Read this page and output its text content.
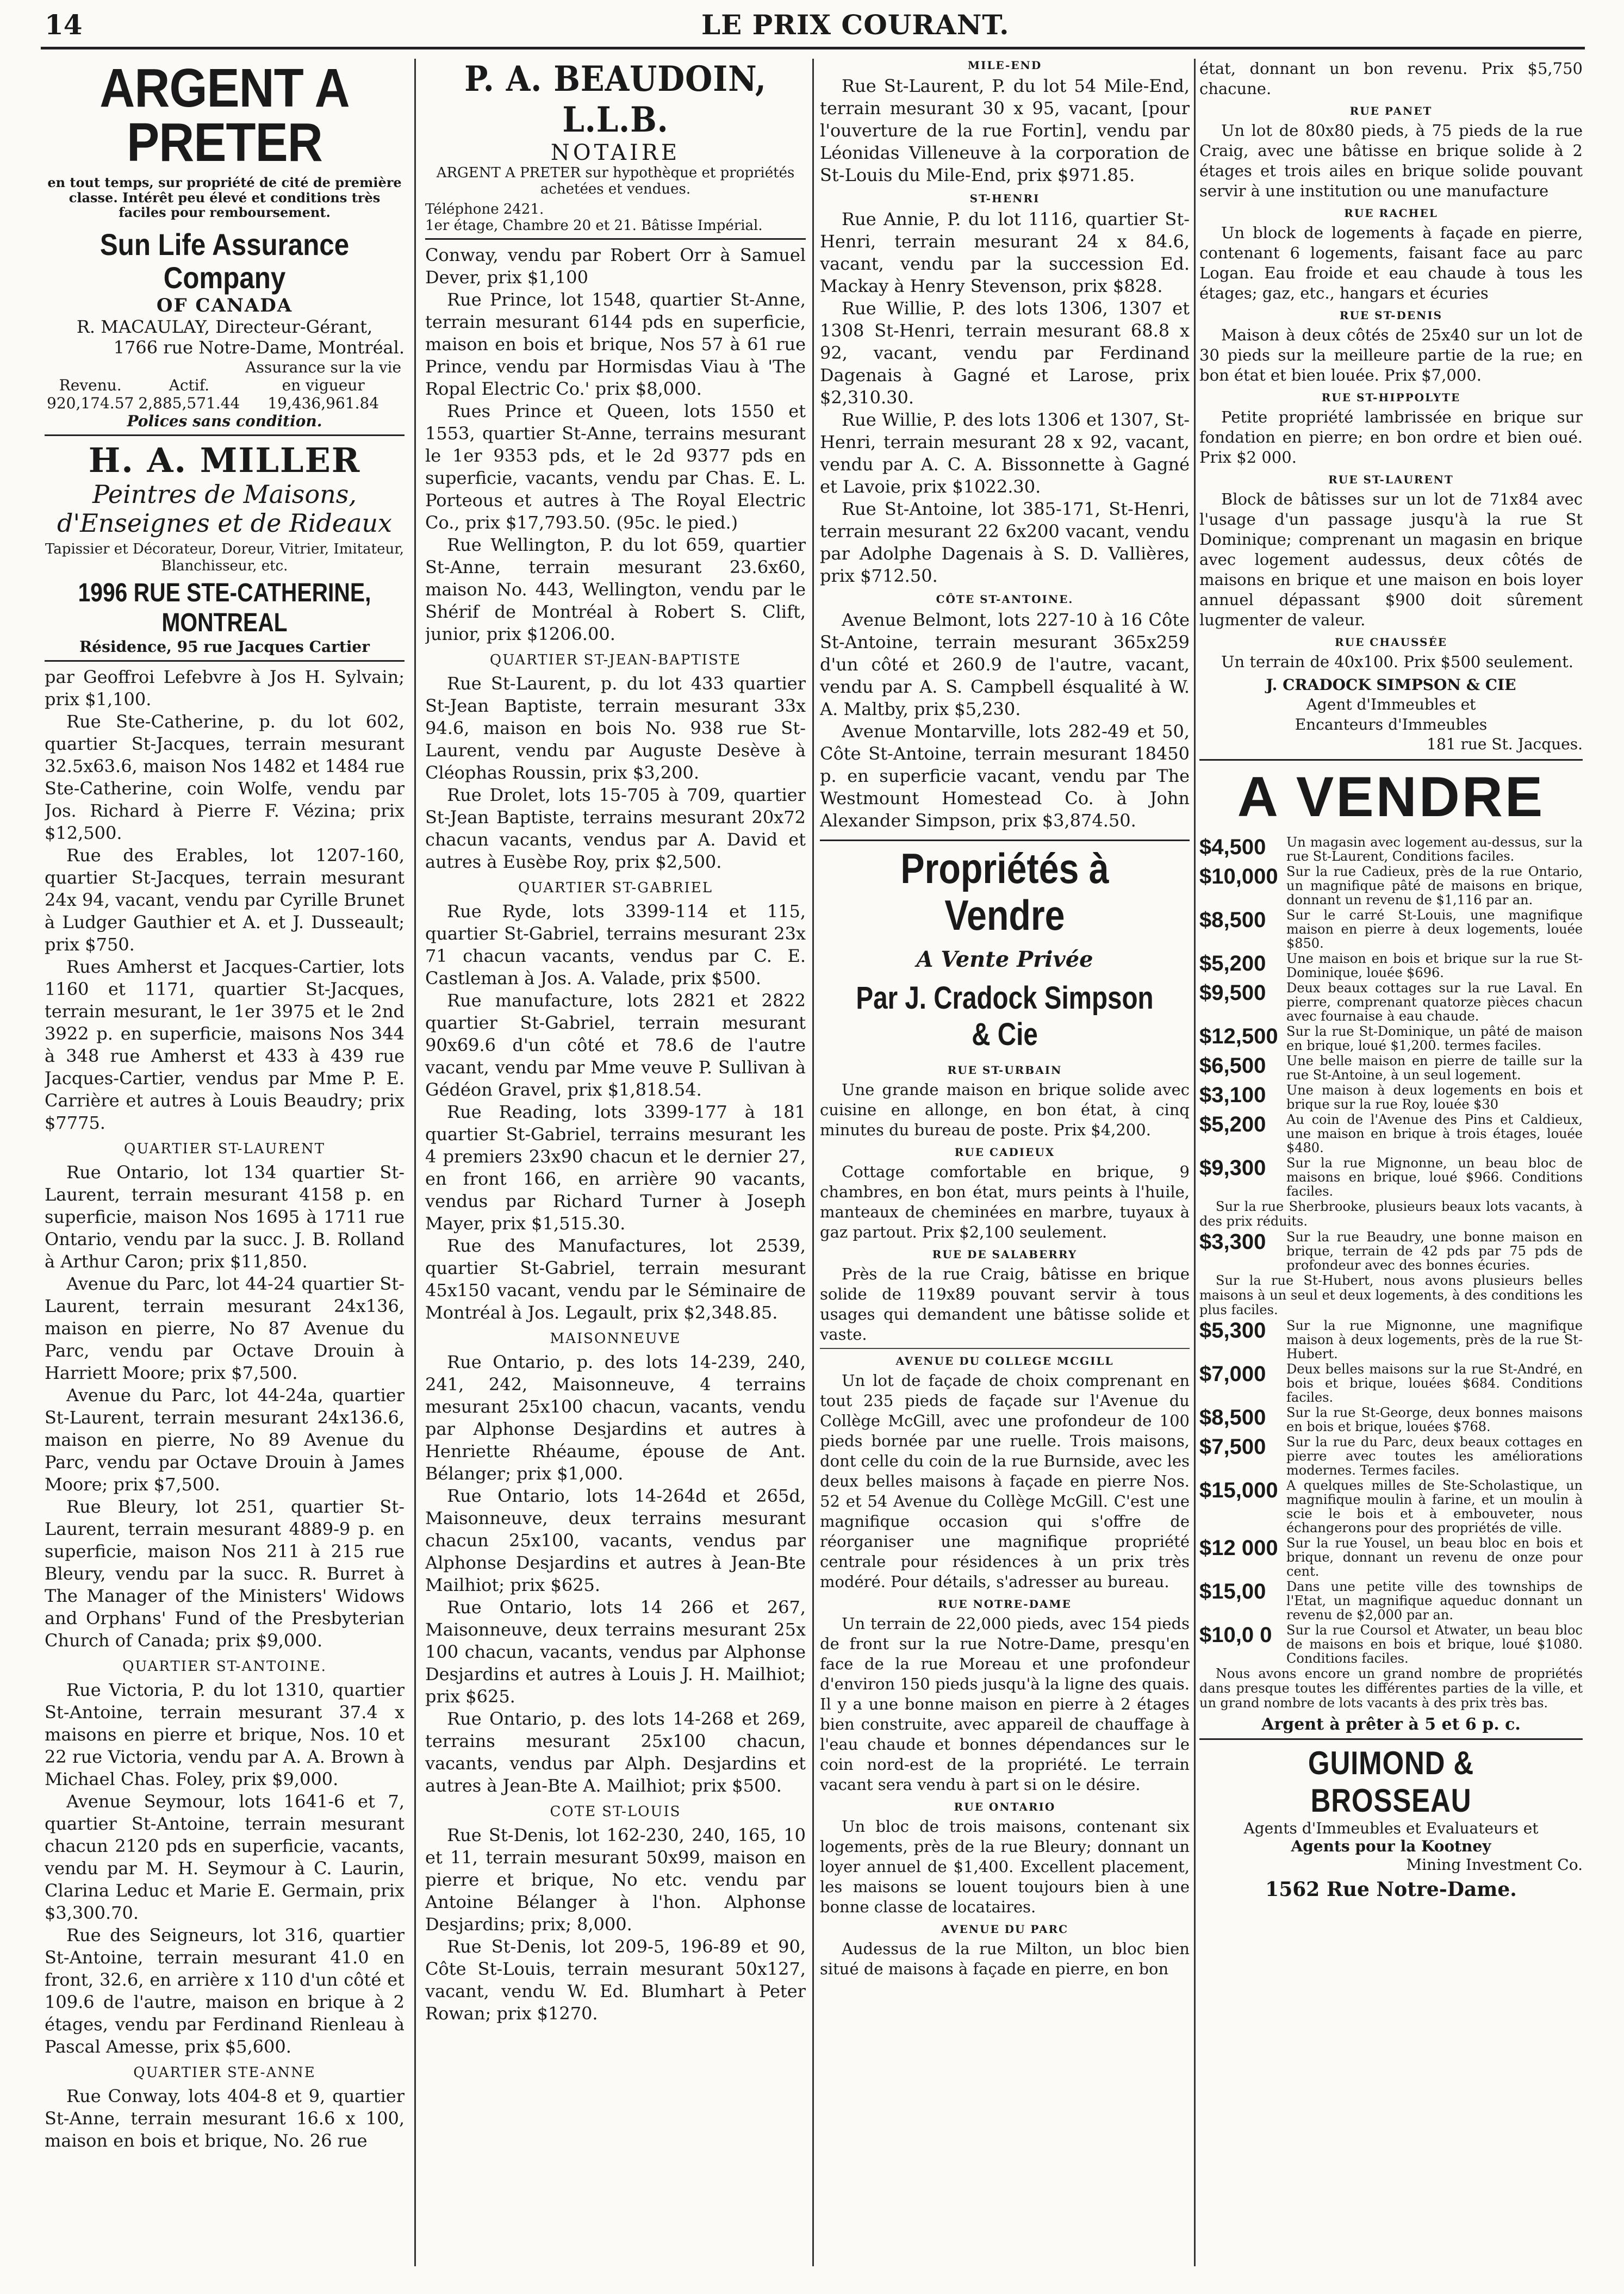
14	LE PRIX COURANT.
ARGENT A PRETER
en tout temps, sur propriété de cité de première classe. Intérêt peu élevé et conditions très faciles pour remboursement.
Sun Life Assurance Company
OF CANADA
R. MACAULAY, Directeur-Gérant,
1766 rue Notre-Dame, Montréal.
Revenu.	Actif.	Assurance sur la vie en vigueur
920,174.57	2,885,571.44	19,436,961.84
Polices sans condition.
H. A. MILLER
Peintres de Maisons, d'Enseignes et de Rideaux
Tapissier et Décorateur, Doreur, Vitrier, Imitateur, Blanchisseur, etc.
1996 RUE STE-CATHERINE, MONTREAL
Résidence, 95 rue Jacques Cartier

par Geoffroi Lefebvre à Jos H. Sylvain; prix $1,100.

Rue Ste-Catherine, p. du lot 602, quartier St-Jacques, terrain mesurant 32.5x63.6, maison Nos 1482 et 1484 rue Ste-Catherine, coin Wolfe, vendu par Jos. Richard à Pierre F. Vézina; prix $12,500.

Rue des Erables, lot 1207-160, quartier St-Jacques, terrain mesurant 24x 94, vacant, vendu par Cyrille Brunet à Ludger Gauthier et A. et J. Dusseault; prix $750.

Rues Amherst et Jacques-Cartier, lots 1160 et 1171, quartier St-Jacques, terrain mesurant, le 1er 3975 et le 2nd 3922 p. en superficie, maisons Nos 344 à 348 rue Amherst et 433 à 439 rue Jacques-Cartier, vendus par Mme P. E. Carrière et autres à Louis Beaudry; prix $7775.

QUARTIER ST-LAURENT

Rue Ontario, lot 134 quartier St-Laurent, terrain mesurant 4158 p. en superficie, maison Nos 1695 à 1711 rue Ontario, vendu par la succ. J. B. Rolland à Arthur Caron; prix $11,850.

Avenue du Parc, lot 44-24 quartier St-Laurent, terrain mesurant 24x136, maison en pierre, No 87 Avenue du Parc, vendu par Octave Drouin à Harriett Moore; prix $7,500.

Avenue du Parc, lot 44-24a, quartier St-Laurent, terrain mesurant 24x136.6, maison en pierre, No 89 Avenue du Parc, vendu par Octave Drouin à James Moore; prix $7,500.

Rue Bleury, lot 251, quartier St-Laurent, terrain mesurant 4889-9 p. en superficie, maison Nos 211 à 215 rue Bleury, vendu par la succ. R. Burret à The Manager of the Ministers' Widows and Orphans' Fund of the Presbyterian Church of Canada; prix $9,000.

QUARTIER ST-ANTOINE.

Rue Victoria, P. du lot 1310, quartier St-Antoine, terrain mesurant 37.4 x maisons en pierre et brique, Nos. 10 et 22 rue Victoria, vendu par A. A. Brown à Michael Chas. Foley, prix $9,000.

Avenue Seymour, lots 1641-6 et 7, quartier St-Antoine, terrain mesurant chacun 2120 pds en superficie, vacants, vendu par M. H. Seymour à C. Laurin, Clarina Leduc et Marie E. Germain, prix $3,300.70.

Rue des Seigneurs, lot 316, quartier St-Antoine, terrain mesurant 41.0 en front, 32.6, en arrière x 110 d'un côté et 109.6 de l'autre, maison en brique à 2 étages, vendu par Ferdinand Rienleau à Pascal Amesse, prix $5,600.

QUARTIER STE-ANNE

Rue Conway, lots 404-8 et 9, quartier St-Anne, terrain mesurant 16.6 x 100, maison en bois et brique, No. 26 rue

P. A. BEAUDOIN, L.L.B.
NOTAIRE
ARGENT A PRETER sur hypothèque et propriétés achetées et vendues.
Téléphone 2421.
1er étage, Chambre 20 et 21. Bâtisse Impérial.

Conway, vendu par Robert Orr à Samuel Dever, prix $1,100

Rue Prince, lot 1548, quartier St-Anne, terrain mesurant 6144 pds en superficie, maison en bois et brique, Nos 57 à 61 rue Prince, vendu par Hormisdas Viau à 'The Ropal Electric Co.' prix $8,000.

Rues Prince et Queen, lots 1550 et 1553, quartier St-Anne, terrains mesurant le 1er 9353 pds, et le 2d 9377 pds en superficie, vacants, vendu par Chas. E. L. Porteous et autres à The Royal Electric Co., prix $17,793.50. (95c. le pied.)

Rue Wellington, P. du lot 659, quartier St-Anne, terrain mesurant 23.6x60, maison No. 443, Wellington, vendu par le Shérif de Montréal à Robert S. Clift, junior, prix $1206.00.

QUARTIER ST-JEAN-BAPTISTE

Rue St-Laurent, p. du lot 433 quartier St-Jean Baptiste, terrain mesurant 33x 94.6, maison en bois No. 938 rue St-Laurent, vendu par Auguste Desève à Cléophas Roussin, prix $3,200.

Rue Drolet, lots 15-705 à 709, quartier St-Jean Baptiste, terrains mesurant 20x72 chacun vacants, vendus par A. David et autres à Eusèbe Roy, prix $2,500.

QUARTIER ST-GABRIEL

Rue Ryde, lots 3399-114 et 115, quartier St-Gabriel, terrains mesurant 23x 71 chacun vacants, vendus par C. E. Castleman à Jos. A. Valade, prix $500.

Rue manufacture, lots 2821 et 2822 quartier St-Gabriel, terrain mesurant 90x69.6 d'un côté et 78.6 de l'autre vacant, vendu par Mme veuve P. Sullivan à Gédéon Gravel, prix $1,818.54.

Rue Reading, lots 3399-177 à 181 quartier St-Gabriel, terrains mesurant les 4 premiers 23x90 chacun et le dernier 27, en front 166, en arrière 90 vacants, vendus par Richard Turner à Joseph Mayer, prix $1,515.30.

Rue des Manufactures, lot 2539, quartier St-Gabriel, terrain mesurant 45x150 vacant, vendu par le Séminaire de Montréal à Jos. Legault, prix $2,348.85.

MAISONNEUVE

Rue Ontario, p. des lots 14-239, 240, 241, 242, Maisonneuve, 4 terrains mesurant 25x100 chacun, vacants, vendu par Alphonse Desjardins et autres à Henriette Rhéaume, épouse de Ant. Bélanger; prix $1,000.

Rue Ontario, lots 14-264d et 265d, Maisonneuve, deux terrains mesurant chacun 25x100, vacants, vendus par Alphonse Desjardins et autres à Jean-Bte Mailhiot; prix $625.

Rue Ontario, lots 14 266 et 267, Maisonneuve, deux terrains mesurant 25x 100 chacun, vacants, vendus par Alphonse Desjardins et autres à Louis J. H. Mailhiot; prix $625.

Rue Ontario, p. des lots 14-268 et 269, terrains mesurant 25x100 chacun, vacants, vendus par Alph. Desjardins et autres à Jean-Bte A. Mailhiot; prix $500.

COTE ST-LOUIS

Rue St-Denis, lot 162-230, 240, 165, 10 et 11, terrain mesurant 50x99, maison en pierre et brique, No etc. vendu par Antoine Bélanger à l'hon. Alphonse Desjardins; prix; 8,000.

Rue St-Denis, lot 209-5, 196-89 et 90, Côte St-Louis, terrain mesurant 50x127, vacant, vendu W. Ed. Blumhart à Peter Rowan; prix $1270.

MILE-END

Rue St-Laurent, P. du lot 54 Mile-End, terrain mesurant 30 x 95, vacant, [pour l'ouverture de la rue Fortin], vendu par Léonidas Villeneuve à la corporation de St-Louis du Mile-End, prix $971.85.

ST-HENRI

Rue Annie, P. du lot 1116, quartier St-Henri, terrain mesurant 24 x 84.6, vacant, vendu par la succession Ed. Mackay à Henry Stevenson, prix $828.

Rue Willie, P. des lots 1306, 1307 et 1308 St-Henri, terrain mesurant 68.8 x 92, vacant, vendu par Ferdinand Dagenais à Gagné et Larose, prix $2,310.30.

Rue Willie, P. des lots 1306 et 1307, St-Henri, terrain mesurant 28 x 92, vacant, vendu par A. C. A. Bissonnette à Gagné et Lavoie, prix $1022.30.

Rue St-Antoine, lot 385-171, St-Henri, terrain mesurant 22 6x200 vacant, vendu par Adolphe Dagenais à S. D. Vallières, prix $712.50.

CÔTE ST-ANTOINE.

Avenue Belmont, lots 227-10 à 16 Côte St-Antoine, terrain mesurant 365x259 d'un côté et 260.9 de l'autre, vacant, vendu par A. S. Campbell ésqualité à W. A. Maltby, prix $5,230.

Avenue Montarville, lots 282-49 et 50, Côte St-Antoine, terrain mesurant 18450 p. en superficie vacant, vendu par The Westmount Homestead Co. à John Alexander Simpson, prix $3,874.50.

Propriétés à Vendre
A Vente Privée
Par J. Cradock Simpson & Cie
RUE ST-URBAIN

Une grande maison en brique solide avec cuisine en allonge, en bon état, à cinq minutes du bureau de poste. Prix $4,200.

RUE CADIEUX

Cottage comfortable en brique, 9 chambres, en bon état, murs peints à l'huile, manteaux de cheminées en marbre, tuyaux à gaz partout. Prix $2,100 seulement.

RUE DE SALABERRY

Près de la rue Craig, bâtisse en brique solide de 119x89 pouvant servir à tous usages qui demandent une bâtisse solide et vaste.

AVENUE DU COLLEGE MCGILL

Un lot de façade de choix comprenant en tout 235 pieds de façade sur l'Avenue du Collège McGill, avec une profondeur de 100 pieds bornée par une ruelle. Trois maisons, dont celle du coin de la rue Burnside, avec les deux belles maisons à façade en pierre Nos. 52 et 54 Avenue du Collège McGill. C'est une magnifique occasion qui s'offre de réorganiser une magnifique propriété centrale pour résidences à un prix très modéré. Pour détails, s'adresser au bureau.

RUE NOTRE-DAME

Un terrain de 22,000 pieds, avec 154 pieds de front sur la rue Notre-Dame, presqu'en face de la rue Moreau et une profondeur d'environ 150 pieds jusqu'à la ligne des quais. Il y a une bonne maison en pierre à 2 étages bien construite, avec appareil de chauffage à l'eau chaude et bonnes dépendances sur le coin nord-est de la propriété. Le terrain vacant sera vendu à part si on le désire.

RUE ONTARIO

Un bloc de trois maisons, contenant six logements, près de la rue Bleury; donnant un loyer annuel de $1,400. Excellent placement, les maisons se louent toujours bien à une bonne classe de locataires.

AVENUE DU PARC

Audessus de la rue Milton, un bloc bien situé de maisons à façade en pierre, en bon

état, donnant un bon revenu. Prix $5,750 chacune.

RUE PANET

Un lot de 80x80 pieds, à 75 pieds de la rue Craig, avec une bâtisse en brique solide à 2 étages et trois ailes en brique solide pouvant servir à une institution ou une manufacture

RUE RACHEL

Un block de logements à façade en pierre, contenant 6 logements, faisant face au parc Logan. Eau froide et eau chaude à tous les étages; gaz, etc., hangars et écuries

RUE ST-DENIS

Maison à deux côtés de 25x40 sur un lot de 30 pieds sur la meilleure partie de la rue; en bon état et bien louée. Prix $7,000.

RUE ST-HIPPOLYTE

Petite propriété lambrissée en brique sur fondation en pierre; en bon ordre et bien oué. Prix $2 000.

RUE ST-LAURENT

Block de bâtisses sur un lot de 71x84 avec l'usage d'un passage jusqu'à la rue St Dominique; comprenant un magasin en brique avec logement audessus, deux côtés de maisons en brique et une maison en bois loyer annuel dépassant $900 doit sûrement lugmenter de valeur.

RUE CHAUSSÉE

Un terrain de 40x100. Prix $500 seulement.

J. CRADOCK SIMPSON & CIE
Agent d'Immeubles et
Encanteurs d'Immeubles
181 rue St. Jacques.
A VENDRE
$4,500	Un magasin avec logement au-dessus, sur la rue St-Laurent, Conditions faciles.
$10,000 Sur la rue Cadieux, près de la rue Ontario, un magnifique pâté de maisons en brique, donnant un revenu de $1,116 par an.
$8,500	Sur le carré St-Louis, une magnifique maison en pierre à deux logements, louée $850.
$5,200	Une maison en bois et brique sur la rue St-Dominique, louée $696.
$9,500	Deux beaux cottages sur la rue Laval. En pierre, comprenant quatorze pièces chacun avec fournaise à eau chaude.
$12,500 Sur la rue St-Dominique, un pâté de maison en brique, loué $1,200. termes faciles.
$6,500	Une belle maison en pierre de taille sur la rue St-Antoine, à un seul logement.
$3,100	Une maison à deux logements en bois et brique sur la rue Roy, louée $30
$5,200	Au coin de l'Avenue des Pins et Caldieux, une maison en brique à trois étages, louée $480.
$9,300	Sur la rue Mignonne, un beau bloc de maisons en brique, loué $966. Conditions faciles.
Sur la rue Sherbrooke, plusieurs beaux lots vacants, à des prix réduits.
$3,300	Sur la rue Beaudry, une bonne maison en brique, terrain de 42 pds par 75 pds de profondeur avec des bonnes écuries.
Sur la rue St-Hubert, nous avons plusieurs belles maisons à un seul et deux logements, à des conditions les plus faciles.
$5,300	Sur la rue Mignonne, une magnifique maison à deux logements, près de la rue St-Hubert.
$7,000	Deux belles maisons sur la rue St-André, en bois et brique, louées $684. Conditions faciles.
$8,500	Sur la rue St-George, deux bonnes maisons en bois et brique, louées $768.
$7,500	Sur la rue du Parc, deux beaux cottages en pierre avec toutes les améliorations modernes. Termes faciles.
$15,000 A quelques milles de Ste-Scholastique, un magnifique moulin à farine, et un moulin à scie le bois et à embouveter, nous échangerons pour des propriétés de ville.
$12 000 Sur la rue Yousel, un beau bloc en bois et brique, donnant un revenu de onze pour cent.
$15,00	Dans une petite ville des townships de l'Etat, un magnifique aqueduc donnant un revenu de $2,000 par an.
$10,0 0	Sur la rue Coursol et Atwater, un beau bloc de maisons en bois et brique, loué $1080. Conditions faciles.
Nous avons encore un grand nombre de propriétés dans presque toutes les différentes parties de la ville, et un grand nombre de lots vacants à des prix très bas.
Argent à prêter à 5 et 6 p. c.
GUIMOND & BROSSEAU
Agents d'Immeubles et Evaluateurs et
Agents pour la Kootney
Mining Investment Co.
1562 Rue Notre-Dame.
